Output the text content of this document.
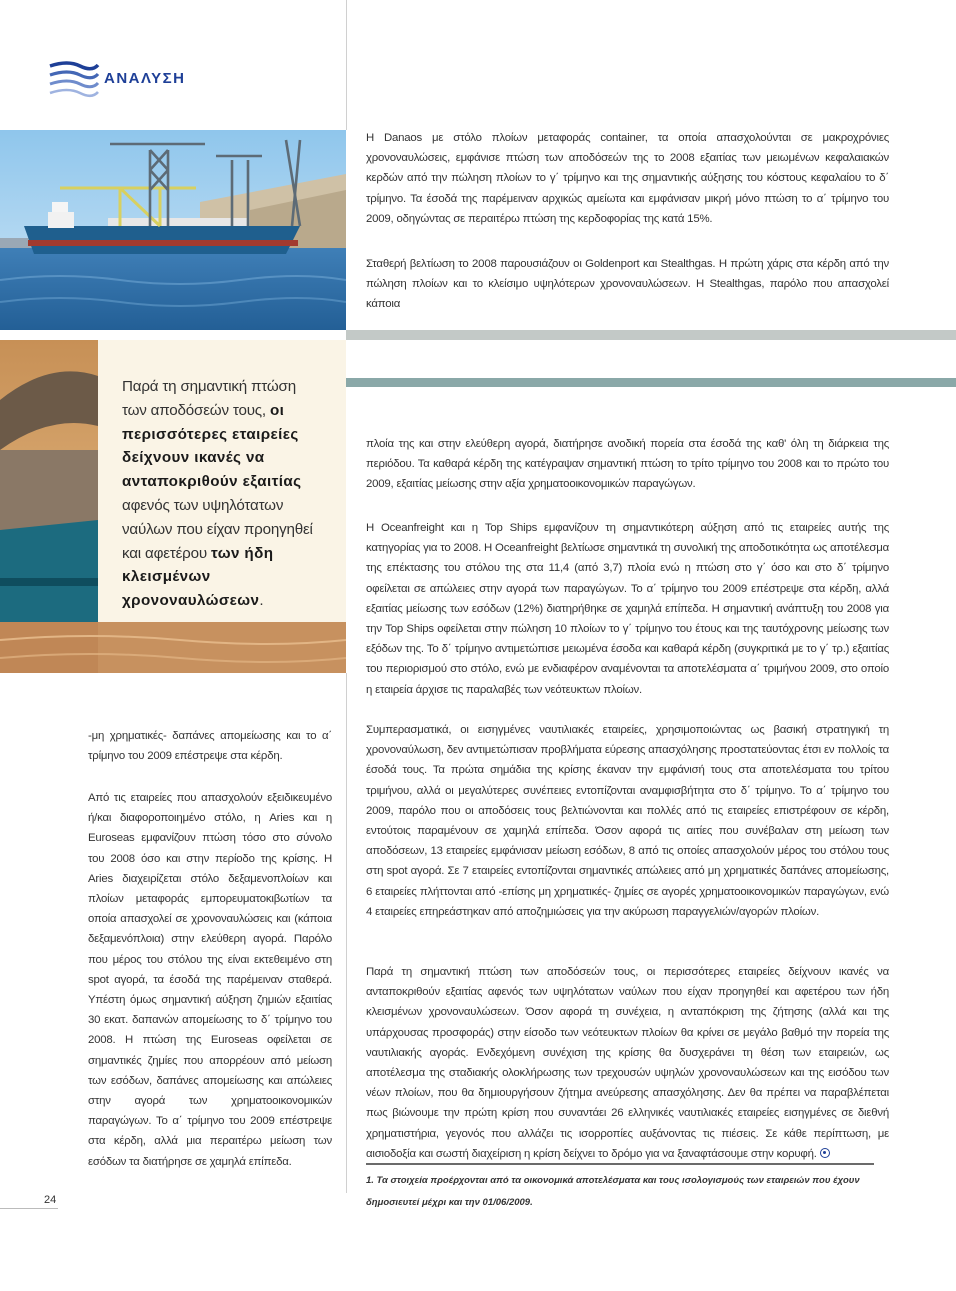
ΑΝΑΛΥΣΗ
Παρά τη σημαντική πτώση των αποδόσεών τους, οι περισσότερες εταιρείες δείχνουν ικανές να ανταποκριθούν εξαιτίας αφενός των υψηλότατων ναύλων που είχαν προηγηθεί και αφετέρου των ήδη κλεισμένων χρονοναυλώσεων.

Η Danaos με στόλο πλοίων μεταφοράς container, τα οποία απασχολούνται σε μακροχρόνιες χρονοναυλώσεις, εμφάνισε πτώση των αποδόσεών της το 2008 εξαιτίας των μειωμένων κεφαλαιακών κερδών από την πώληση πλοίων το γ΄ τρίμηνο και της σημαντικής αύξησης του κόστους κεφαλαίου το δ΄ τρίμηνο. Τα έσοδά της παρέμειναν αρχικώς αμείωτα και εμφάνισαν μικρή μόνο πτώση το α΄ τρίμηνο του 2009, οδηγώντας σε περαιτέρω πτώση της κερδοφορίας της κατά 15%.

Σταθερή βελτίωση το 2008 παρουσιάζουν οι Goldenport και Stealthgas. Η πρώτη χάρις στα κέρδη από την πώληση πλοίων και το κλείσιμο υψηλότερων χρονοναυλώσεων. Η Stealthgas, παρόλο που απασχολεί κάποια

πλοία της και στην ελεύθερη αγορά, διατήρησε ανοδική πορεία στα έσοδά της καθ' όλη τη διάρκεια της περιόδου. Τα καθαρά κέρδη της κατέγραψαν σημαντική πτώση το τρίτο τρίμηνο του 2008 και το πρώτο του 2009, εξαιτίας μείωσης στην αξία χρηματοοικονομικών παραγώγων.

Η Oceanfreight και η Top Ships εμφανίζουν τη σημαντικότερη αύξηση από τις εταιρείες αυτής της κατηγορίας για το 2008. Η Oceanfreight βελτίωσε σημαντικά τη συνολική της αποδοτικότητα ως αποτέλεσμα της επέκτασης του στόλου της στα 11,4 (από 3,7) πλοία ενώ η πτώση στο γ΄ όσο και στο δ΄ τρίμηνο οφείλεται σε απώλειες στην αγορά των παραγώγων. Το α΄ τρίμηνο του 2009 επέστρεψε στα κέρδη, αλλά εξαιτίας μείωσης των εσόδων (12%) διατηρήθηκε σε χαμηλά επίπεδα. Η σημαντική ανάπτυξη του 2008 για την Top Ships οφείλεται στην πώληση 10 πλοίων το γ΄ τρίμηνο του έτους και της ταυτόχρονης μείωσης των εξόδων της. Το δ΄ τρίμηνο αντιμετώπισε μειωμένα έσοδα και καθαρά κέρδη (συγκριτικά με το γ΄ τρ.) εξαιτίας του περιορισμού στο στόλο, ενώ με ενδιαφέρον αναμένονται τα αποτελέσματα α΄ τριμήνου 2009, στο οποίο η εταιρεία άρχισε τις παραλαβές των νεότευκτων πλοίων.

Συμπερασματικά, οι εισηγμένες ναυτιλιακές εταιρείες, χρησιμοποιώντας ως βασική στρατηγική τη χρονοναύλωση, δεν αντιμετώπισαν προβλήματα εύρεσης απασχόλησης προστατεύοντας έτσι εν πολλοίς τα έσοδά τους. Τα πρώτα σημάδια της κρίσης έκαναν την εμφάνισή τους στα αποτελέσματα του τρίτου τριμήνου, αλλά οι μεγαλύτερες συνέπειες εντοπίζονται αναμφισβήτητα στο δ΄ τρίμηνο. Το α΄ τρίμηνο του 2009, παρόλο που οι αποδόσεις τους βελτιώνονται και πολλές από τις εταιρείες επιστρέφουν σε κέρδη, εντούτοις παραμένουν σε χαμηλά επίπεδα. Όσον αφορά τις αιτίες που συνέβαλαν στη μείωση των αποδόσεων, 13 εταιρείες εμφάνισαν μείωση εσόδων, 8 από τις οποίες απασχολούν μέρος του στόλου τους στη spot αγορά. Σε 7 εταιρείες εντοπίζονται σημαντικές απώλειες από μη χρηματικές δαπάνες απομείωσης, 6 εταιρείες πλήττονται από -επίσης μη χρηματικές- ζημίες σε αγορές χρηματοοικονομικών παραγώγων, ενώ 4 εταιρείες επηρεάστηκαν από αποζημιώσεις για την ακύρωση παραγγελιών/αγορών πλοίων.

Παρά τη σημαντική πτώση των αποδόσεών τους, οι περισσότερες εταιρείες δείχνουν ικανές να ανταποκριθούν εξαιτίας αφενός των υψηλότατων ναύλων που είχαν προηγηθεί και αφετέρου των ήδη κλεισμένων χρονοναυλώσεων. Όσον αφορά τη συνέχεια, η ανταπόκριση της ζήτησης (αλλά και της υπάρχουσας προσφοράς) στην είσοδο των νεότευκτων πλοίων θα κρίνει σε μεγάλο βαθμό την πορεία της ναυτιλιακής αγοράς. Ενδεχόμενη συνέχιση της κρίσης θα δυσχεράνει τη θέση των εταιρειών, ως αποτέλεσμα της σταδιακής ολοκλήρωσης των τρεχουσών υψηλών χρονοναυλώσεων και της εισόδου των νέων πλοίων, που θα δημιουργήσουν ζήτημα ανεύρεσης απασχόλησης. Δεν θα πρέπει να παραβλέπεται πως βιώνουμε την πρώτη κρίση που συναντάει 26 ελληνικές ναυτιλιακές εταιρείες εισηγμένες σε διεθνή χρηματιστήρια, γεγονός που αλλάζει τις ισορροπίες αυξάνοντας τις πιέσεις. Σε κάθε περίπτωση, με αισιοδοξία και σωστή διαχείριση η κρίση δείχνει το δρόμο για να ξαναφτάσουμε στην κορυφή.

-μη χρηματικές- δαπάνες απομείωσης και το α΄ τρίμηνο του 2009 επέστρεψε στα κέρδη.

Από τις εταιρείες που απασχολούν εξειδικευμένο ή/και διαφοροποιημένο στόλο, η Aries και η Euroseas εμφανίζουν πτώση τόσο στο σύνολο του 2008 όσο και στην περίοδο της κρίσης. Η Aries διαχειρίζεται στόλο δεξαμενοπλοίων και πλοίων μεταφοράς εμπορευματοκιβωτίων τα οποία απασχολεί σε χρονοναυλώσεις και (κάποια δεξαμενόπλοια) στην ελεύθερη αγορά. Παρόλο που μέρος του στόλου της είναι εκτεθειμένο στη spot αγορά, τα έσοδά της παρέμειναν σταθερά. Υπέστη όμως σημαντική αύξηση ζημιών εξαιτίας 30 εκατ. δαπανών απομείωσης το δ΄ τρίμηνο του 2008. Η πτώση της Euroseas οφείλεται σε σημαντικές ζημίες που απορρέουν από μείωση των εσόδων, δαπάνες απομείωσης και απώλειες στην αγορά των χρηματοοικονομικών παραγώγων. Το α΄ τρίμηνο του 2009 επέστρεψε στα κέρδη, αλλά μια περαιτέρω μείωση των εσόδων τα διατήρησε σε χαμηλά επίπεδα.

1. Τα στοιχεία προέρχονται από τα οικονομικά αποτελέσματα και τους ισολογισμούς των εταιρειών που έχουν δημοσιευτεί μέχρι και την 01/06/2009.
24
